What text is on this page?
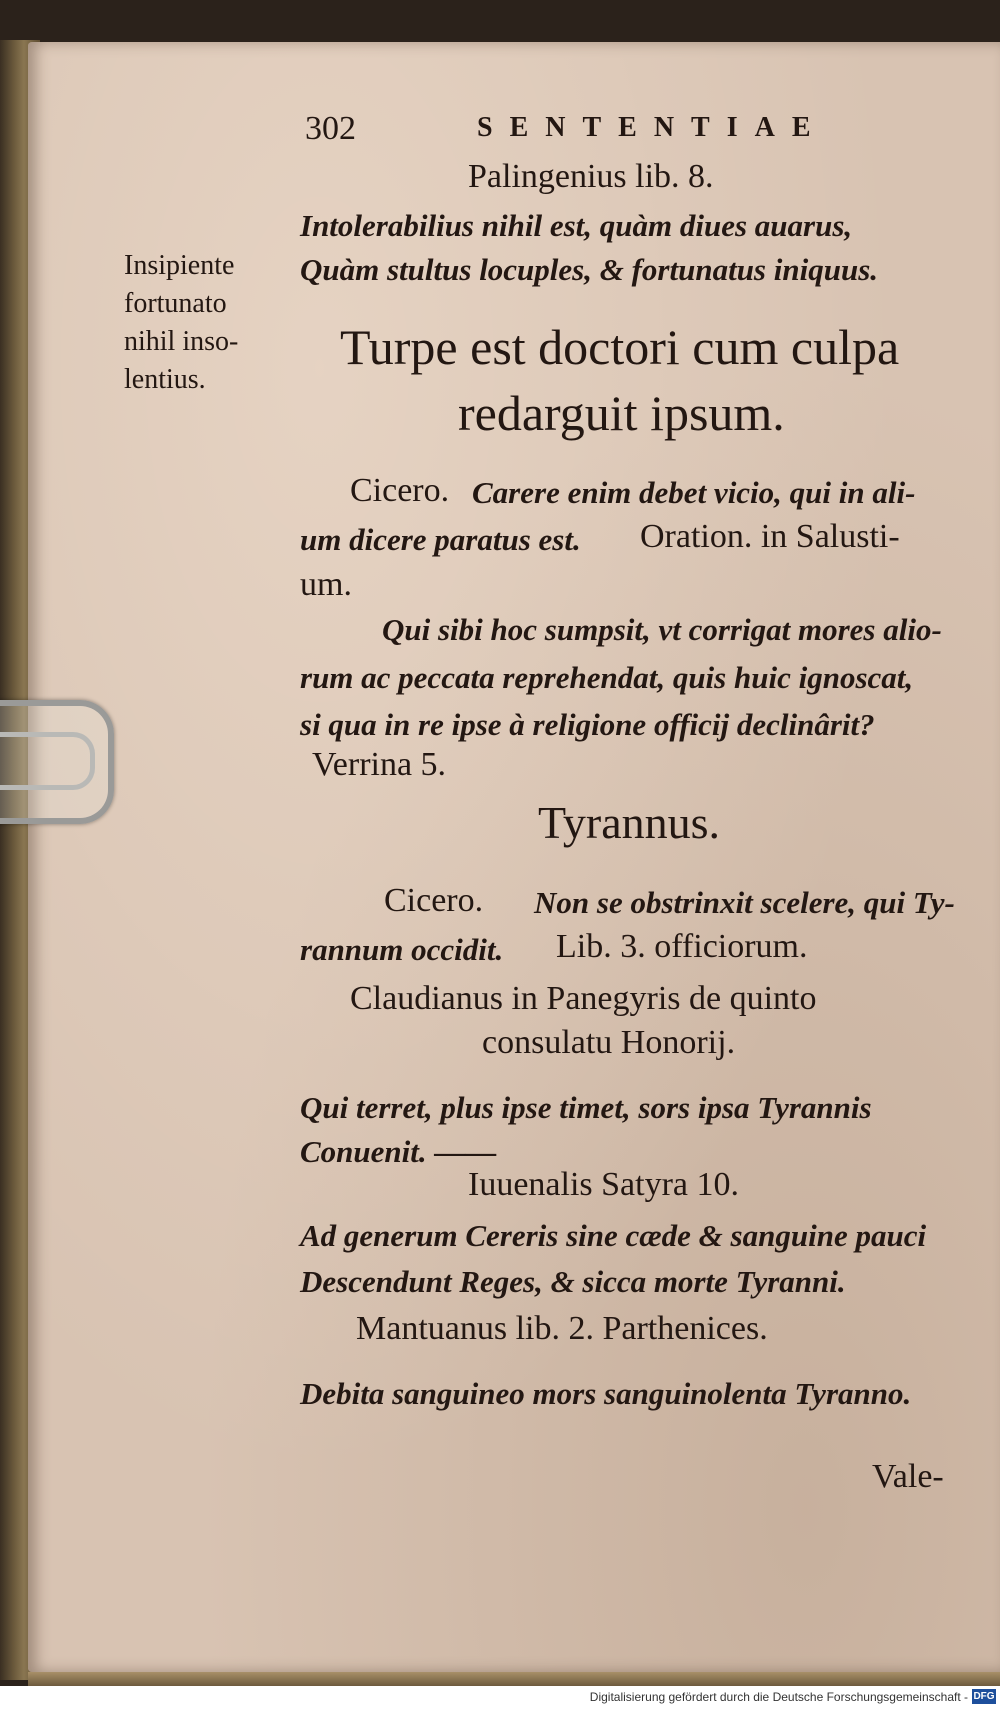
302	SENTENTIAE
Insipiente
fortunato
nihil inso-
lentius.
Palingenius lib. 8.
Intolerabilius nihil est, quàm diues auarus,
Quàm stultus locuples, & fortunatus iniquus.
Turpe est doctori cum culpa
redarguit ipsum.
Cicero. Carere enim debet vicio, qui in ali-
um dicere paratus est. Oration. in Salusti-
um.
Qui sibi hoc sumpsit, vt corrigat mores alio-
rum ac peccata reprehendat, quis huic ignoscat,
si qua in re ipse à religione officij declinârit?
Verrina 5.
Tyrannus.
Cicero. Non se obstrinxit scelere, qui Ty-
rannum occidit. Lib. 3. officiorum.
Claudianus in Panegyris de quinto
consulatu Honorij.
Qui terret, plus ipse timet, sors ipsa Tyrannis
Conuenit. ——
Iuuenalis Satyra 10.
Ad generum Cereris sine cæde & sanguine pauci
Descendunt Reges, & sicca morte Tyranni.
Mantuanus lib. 2. Parthenices.
Debita sanguineo mors sanguinolenta Tyranno.
Vale-
Digitalisierung gefördert durch die Deutsche Forschungsgemeinschaft - DFG
